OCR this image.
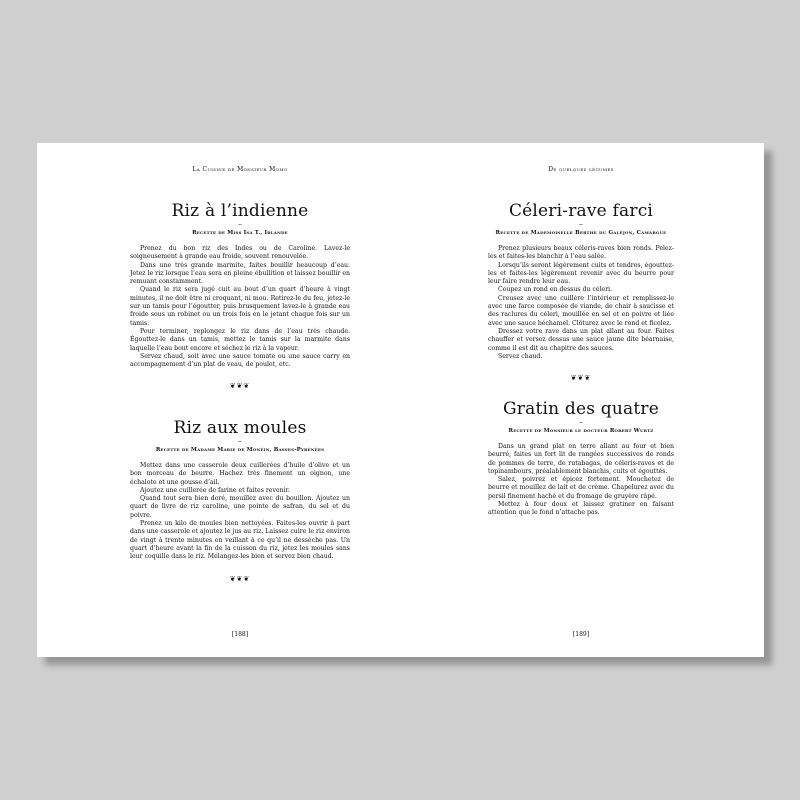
La Cuisine de Monsieur Momo
Riz à l’indienne
~
Recette de Miss Isa T., Irlande

Prenez du bon riz des Indes ou de Caroline. Lavez-le soigneusement à grande eau froide, souvent renouvelée.

Dans une très grande marmite, faites bouillir beaucoup d’eau. Jetez le riz lorsque l’eau sera en pleine ébullition et laissez bouillir en remuant constamment.

Quand le riz sera jugé cuit au bout d’un quart d’heure à vingt minutes, il ne doit être ni croquant, ni mou. Retirez-le du feu, jetez-le sur un tamis pour l’égoutter, puis brusquement lavez-le à grande eau froide sous un robinet ou un trois fois en le jetant chaque fois sur un tamis.

Pour terminer, replongez le riz dans de l’eau très chaude. Égouttez-le dans un tamis, mettez le tamis sur la marmite dans laquelle l’eau bout encore et séchez le riz à la vapeur.

Servez chaud, soit avec une sauce tomate ou une sauce carry en accompagnement d’un plat de veau, de poulet, etc.

❦❦❦
Riz aux moules
~
Recette de Madame Marie de Monéin, Basses-Pyrénées

Mettez dans une casserole deux cuillerées d’huile d’olive et un bon morceau de beurre. Hachez très finement un oignon, une échalote et une gousse d’ail.

Ajoutez une cuillerée de farine et faites revenir.

Quand tout sera bien doré, mouillez avec du bouillon. Ajoutez un quart de livre de riz caroline, une pointe de safran, du sel et du poivre.

Prenez un kilo de moules bien nettoyées. Faites-les ouvrir à part dans une casserole et ajoutez le jus au riz. Laissez cuire le riz environ de vingt à trente minutes en veillant à ce qu’il ne dessèche pas. Un quart d’heure avant la fin de la cuisson du riz, jetez les moules sans leur coquille dans le riz. Mélangez-les bien et servez bien chaud.

❦❦❦
[188]
De quelques légumes
Céleri-rave farci
~
Recette de Mademoiselle Berthe du Galéjon, Camargue

Prenez plusieurs beaux céleris-raves bien ronds. Pelez-les et faites-les blanchir à l’eau salée.

Lorsqu’ils seront légèrement cuits et tendres, égouttez-les et faites-les légèrement revenir avec du beurre pour leur faire rendre leur eau.

Coupez un rond en dessus du céleri.

Creusez avec une cuillère l’intérieur et remplissez-le avec une farce composée de viande, de chair à saucisse et des raclures du céleri, mouillée en sel et en poivre et liée avec une sauce béchamel. Clôturez avec le rond et ficelez.

Dressez votre rave dans un plat allant au four. Faites chauffer et versez dessus une sauce jaune dite béarnaise, comme il est dit au chapitre des sauces.

Servez chaud.

❦❦❦
Gratin des quatre
~
Recette de Monsieur le docteur Robert Wurtz

Dans un grand plat en terre allant au four et bien beurré, faites un fort lit de rangées successives de ronds de pommes de terre, de rutabagas, de céleris-raves et de topinambours, préalablement blanchis, cuits et égouttés.

Salez, poivrez et épicez fortement. Mouchetez de beurre et mouillez de lait et de crème. Chapelurez avec du persil finement haché et du fromage de gruyère râpé.

Mettez à four doux et laissez gratiner en faisant attention que le fond n’attache pas.

[189]
